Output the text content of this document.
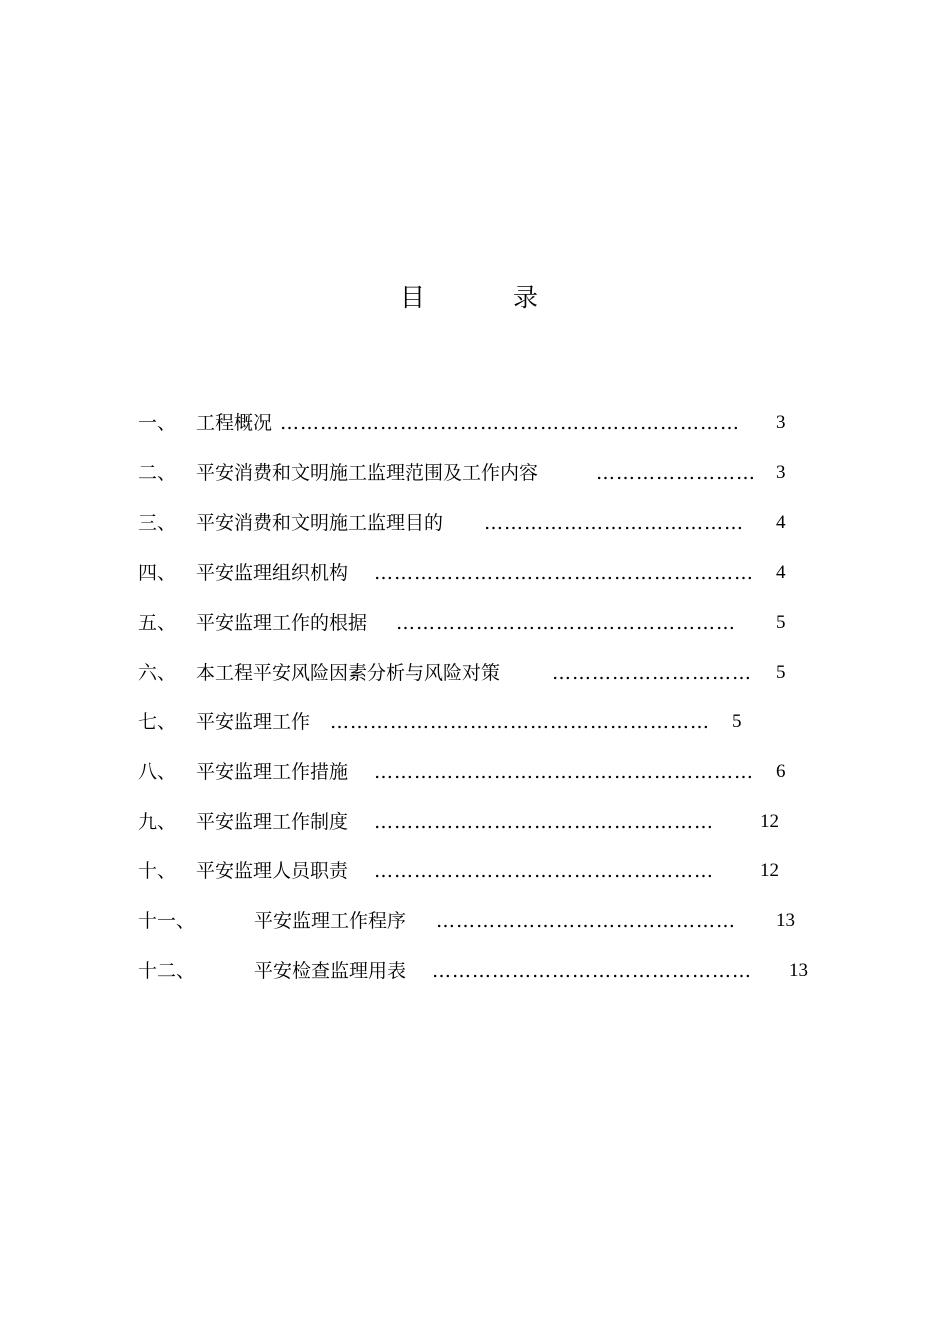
目 录
一、 工程概况 ……………………………………………………………	3
二、 平安消费和文明施工监理范围及工作内容	……………………	3
三、 平安消费和文明施工监理目的 …………………………………	4
四、 平安监理组织机构 …………………………………………………	4
五、 平安监理工作的根据 ……………………………………………	5
六、 本工程平安风险因素分析与风险对策	…………………………	5
七、 平安监理工作 …………………………………………………	5
八、 平安监理工作措施 …………………………………………………	6
九、 平安监理工作制度 ……………………………………………	12
十、 平安监理人员职责 ……………………………………………	12
十一、	平安监理工作程序 ………………………………………	13
十二、	平安检查监理用表 …………………………………………	13
